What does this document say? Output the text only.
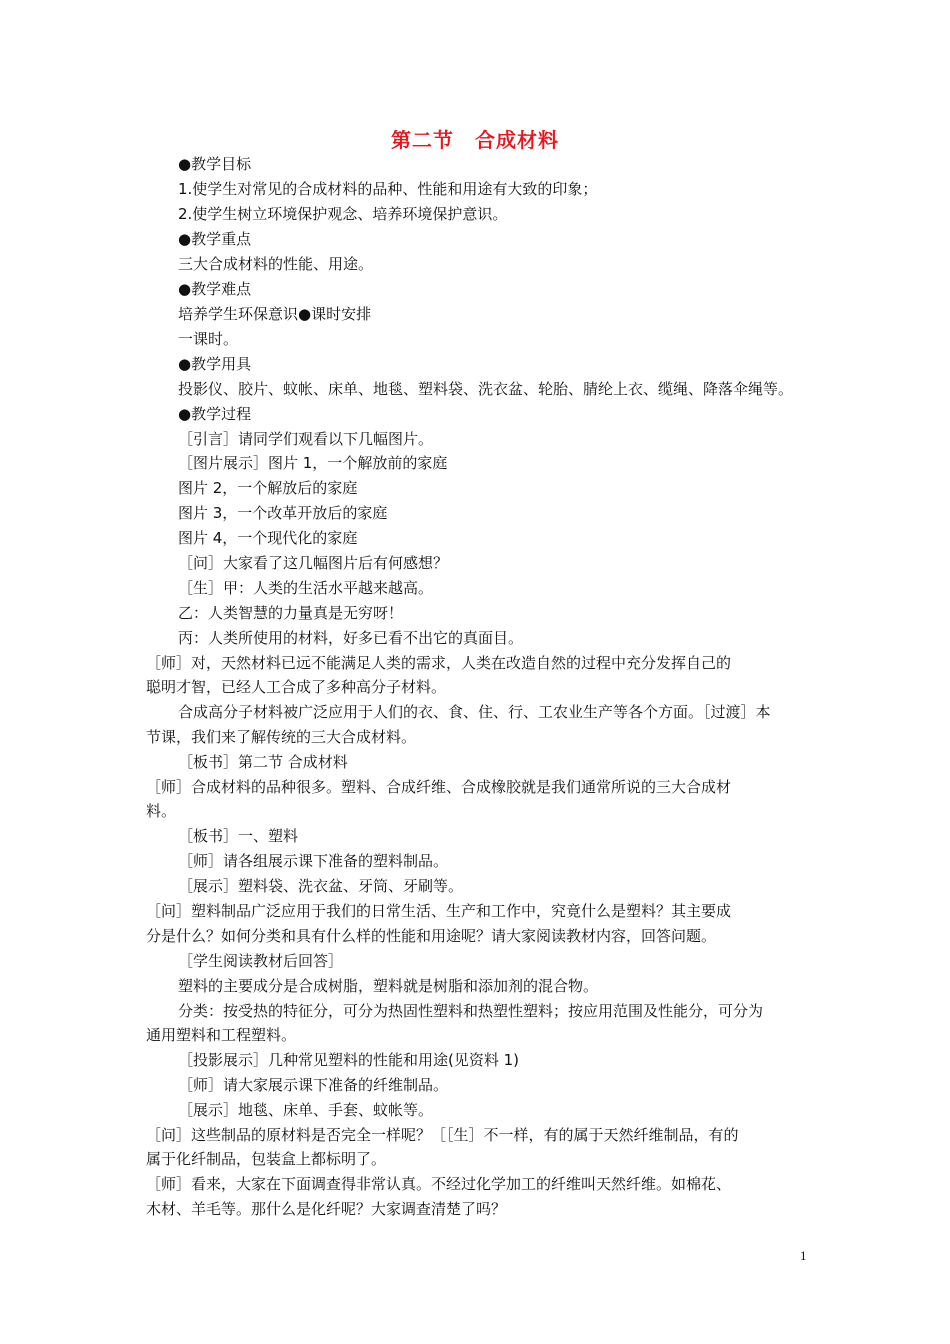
第二节　合成材料
●教学目标
1.使学生对常见的合成材料的品种、性能和用途有大致的印象；
2.使学生树立环境保护观念、培养环境保护意识。
●教学重点
三大合成材料的性能、用途。
●教学难点
培养学生环保意识●课时安排
一课时。
●教学用具
投影仪、胶片、蚊帐、床单、地毯、塑料袋、洗衣盆、轮胎、腈纶上衣、缆绳、降落伞绳等。
●教学过程
［引言］请同学们观看以下几幅图片。
［图片展示］图片 1，一个解放前的家庭
图片 2，一个解放后的家庭
图片 3，一个改革开放后的家庭
图片 4，一个现代化的家庭
［问］大家看了这几幅图片后有何感想？
［生］甲：人类的生活水平越来越高。
乙：人类智慧的力量真是无穷呀！
丙：人类所使用的材料，好多已看不出它的真面目。
［师］对，天然材料已远不能满足人类的需求，人类在改造自然的过程中充分发挥自己的
聪明才智，已经人工合成了多种高分子材料。
合成高分子材料被广泛应用于人们的衣、食、住、行、工农业生产等各个方面。［过渡］本
节课，我们来了解传统的三大合成材料。
［板书］第二节 合成材料
［师］合成材料的品种很多。塑料、合成纤维、合成橡胶就是我们通常所说的三大合成材
料。
［板书］一、塑料
［师］请各组展示课下准备的塑料制品。
［展示］塑料袋、洗衣盆、牙筒、牙刷等。
［问］塑料制品广泛应用于我们的日常生活、生产和工作中，究竟什么是塑料？其主要成
分是什么？如何分类和具有什么样的性能和用途呢？请大家阅读教材内容，回答问题。
［学生阅读教材后回答］
塑料的主要成分是合成树脂，塑料就是树脂和添加剂的混合物。
分类：按受热的特征分，可分为热固性塑料和热塑性塑料；按应用范围及性能分，可分为
通用塑料和工程塑料。
［投影展示］几种常见塑料的性能和用途(见资料 1)
［师］请大家展示课下准备的纤维制品。
［展示］地毯、床单、手套、蚊帐等。
［问］这些制品的原材料是否完全一样呢？［［生］不一样，有的属于天然纤维制品，有的
属于化纤制品，包装盒上都标明了。
［师］看来，大家在下面调查得非常认真。不经过化学加工的纤维叫天然纤维。如棉花、
木材、羊毛等。那什么是化纤呢？大家调查清楚了吗？
1
